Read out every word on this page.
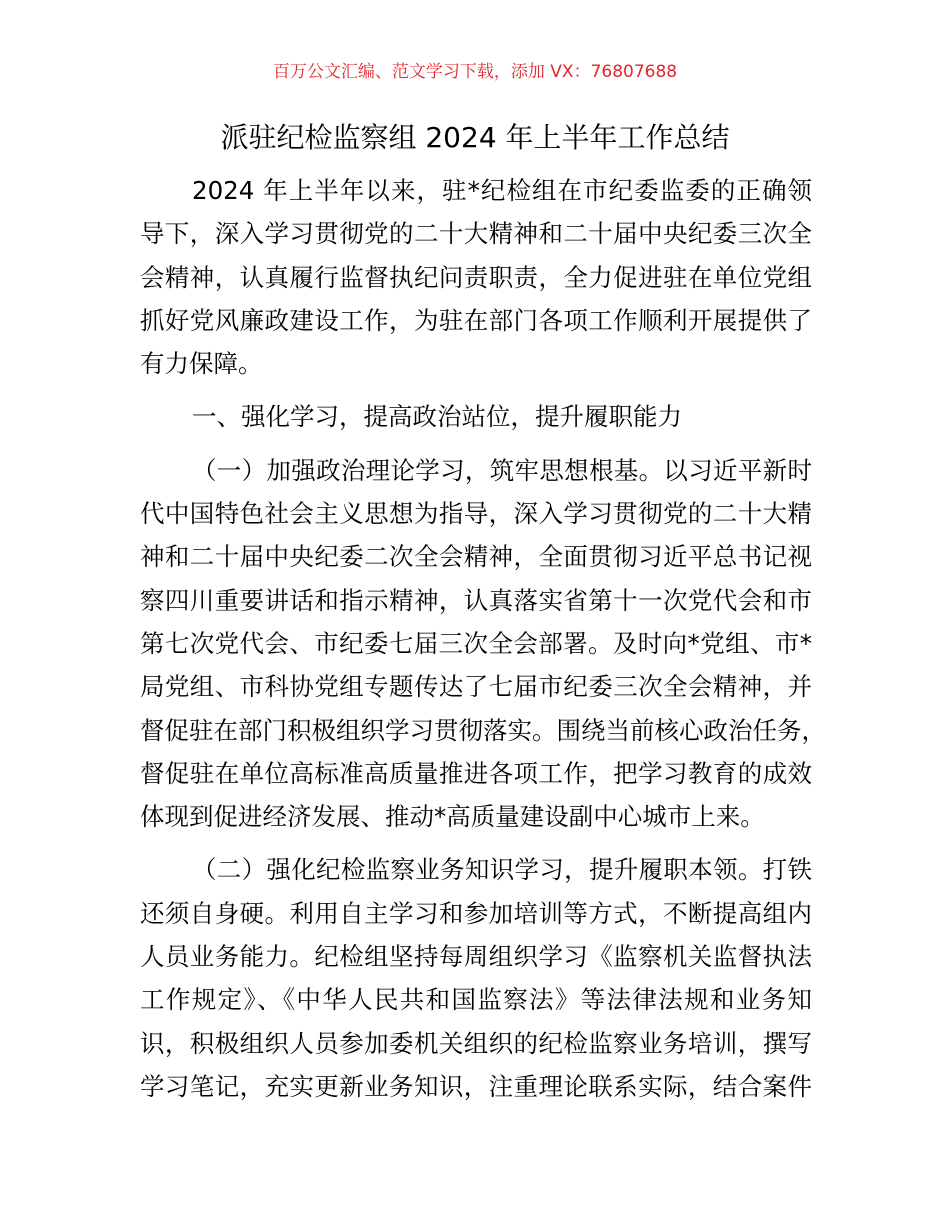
百万公文汇编、范文学习下载，添加 VX：76807688
派驻纪检监察组 2024 年上半年工作总结
2024 年上半年以来，驻*纪检组在市纪委监委的正确领
导下，深入学习贯彻党的二十大精神和二十届中央纪委三次全
会精神，认真履行监督执纪问责职责，全力促进驻在单位党组
抓好党风廉政建设工作，为驻在部门各项工作顺利开展提供了
有力保障。
一、强化学习，提高政治站位，提升履职能力
（一）加强政治理论学习，筑牢思想根基。以习近平新时
代中国特色社会主义思想为指导，深入学习贯彻党的二十大精
神和二十届中央纪委二次全会精神，全面贯彻习近平总书记视
察四川重要讲话和指示精神，认真落实省第十一次党代会和市
第七次党代会、市纪委七届三次全会部署。及时向*党组、市*
局党组、市科协党组专题传达了七届市纪委三次全会精神，并
督促驻在部门积极组织学习贯彻落实。围绕当前核心政治任务，
督促驻在单位高标准高质量推进各项工作，把学习教育的成效
体现到促进经济发展、推动*高质量建设副中心城市上来。
（二）强化纪检监察业务知识学习，提升履职本领。打铁
还须自身硬。利用自主学习和参加培训等方式，不断提高组内
人员业务能力。纪检组坚持每周组织学习《监察机关监督执法
工作规定》、《中华人民共和国监察法》等法律法规和业务知
识，积极组织人员参加委机关组织的纪检监察业务培训，撰写
学习笔记，充实更新业务知识，注重理论联系实际，结合案件
